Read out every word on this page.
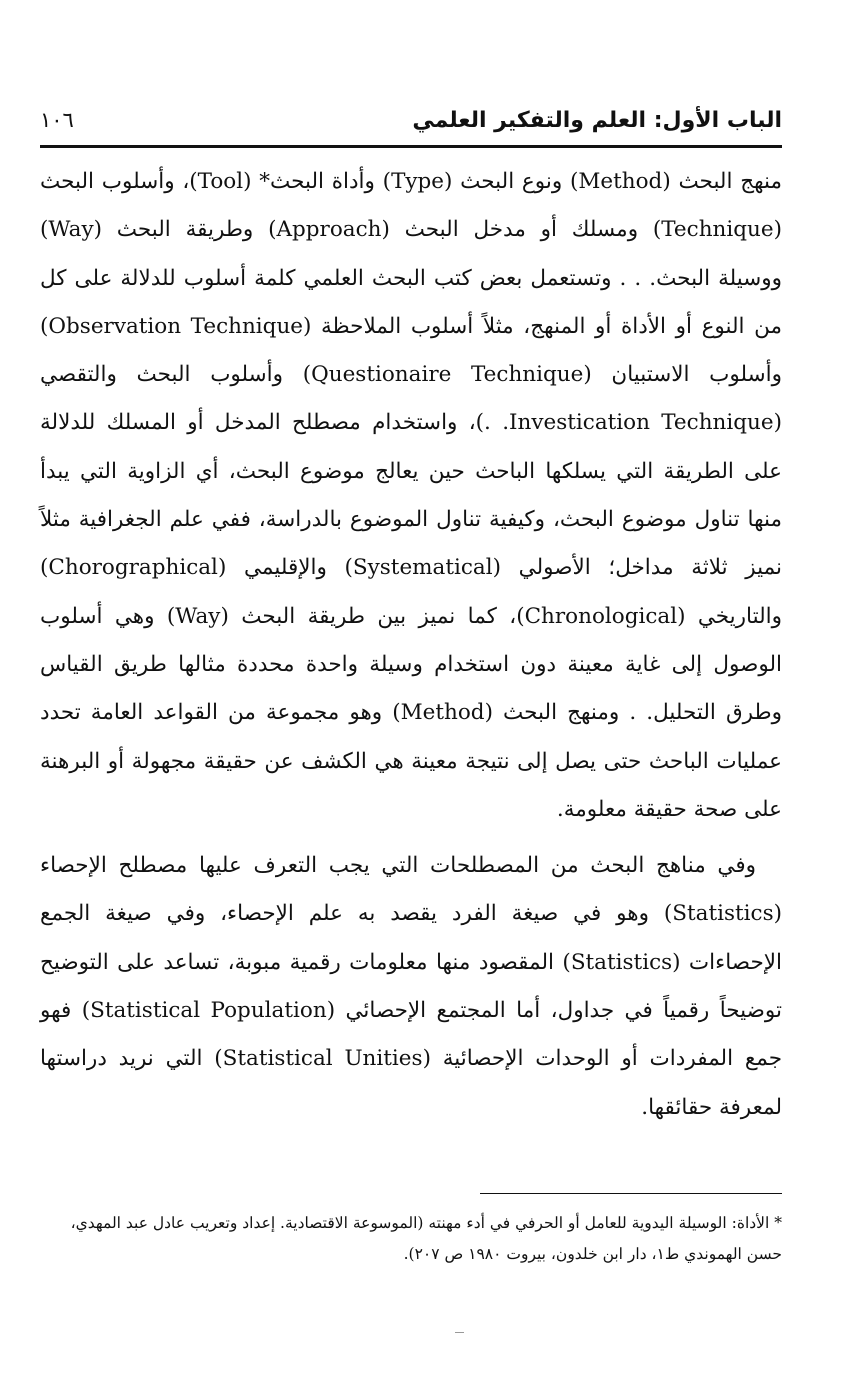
الباب الأول: العلم والتفكير العلمي
١٠٦

منهج البحث (Method) ونوع البحث (Type) وأداة البحث* (Tool)، وأسلوب البحث (Technique) ومسلك أو مدخل البحث (Approach) وطريقة البحث (Way) ووسيلة البحث. . . وتستعمل بعض كتب البحث العلمي كلمة أسلوب للدلالة على كل من النوع أو الأداة أو المنهج، مثلاً أسلوب الملاحظة (Observation Technique) وأسلوب الاستبيان (Questionaire Technique) وأسلوب البحث والتقصي (Investication Technique. .)، واستخدام مصطلح المدخل أو المسلك للدلالة على الطريقة التي يسلكها الباحث حين يعالج موضوع البحث، أي الزاوية التي يبدأ منها تناول موضوع البحث، وكيفية تناول الموضوع بالدراسة، ففي علم الجغرافية مثلاً نميز ثلاثة مداخل؛ الأصولي (Systematical) والإقليمي (Chorographical) والتاريخي (Chronological)، كما نميز بين طريقة البحث (Way) وهي أسلوب الوصول إلى غاية معينة دون استخدام وسيلة واحدة محددة مثالها طريق القياس وطرق التحليل. . ومنهج البحث (Method) وهو مجموعة من القواعد العامة تحدد عمليات الباحث حتى يصل إلى نتيجة معينة هي الكشف عن حقيقة مجهولة أو البرهنة على صحة حقيقة معلومة.

وفي مناهج البحث من المصطلحات التي يجب التعرف عليها مصطلح الإحصاء (Statistics) وهو في صيغة الفرد يقصد به علم الإحصاء، وفي صيغة الجمع الإحصاءات (Statistics) المقصود منها معلومات رقمية مبوبة، تساعد على التوضيح توضيحاً رقمياً في جداول، أما المجتمع الإحصائي (Statistical Population) فهو جمع المفردات أو الوحدات الإحصائية (Statistical Unities) التي نريد دراستها لمعرفة حقائقها.

* الأداة: الوسيلة اليدوية للعامل أو الحرفي في أدء مهنته (الموسوعة الاقتصادية. إعداد وتعريب عادل عبد المهدي،

حسن الهموندي ط١، دار ابن خلدون، بيروت ١٩٨٠ ص ٢٠٧).
